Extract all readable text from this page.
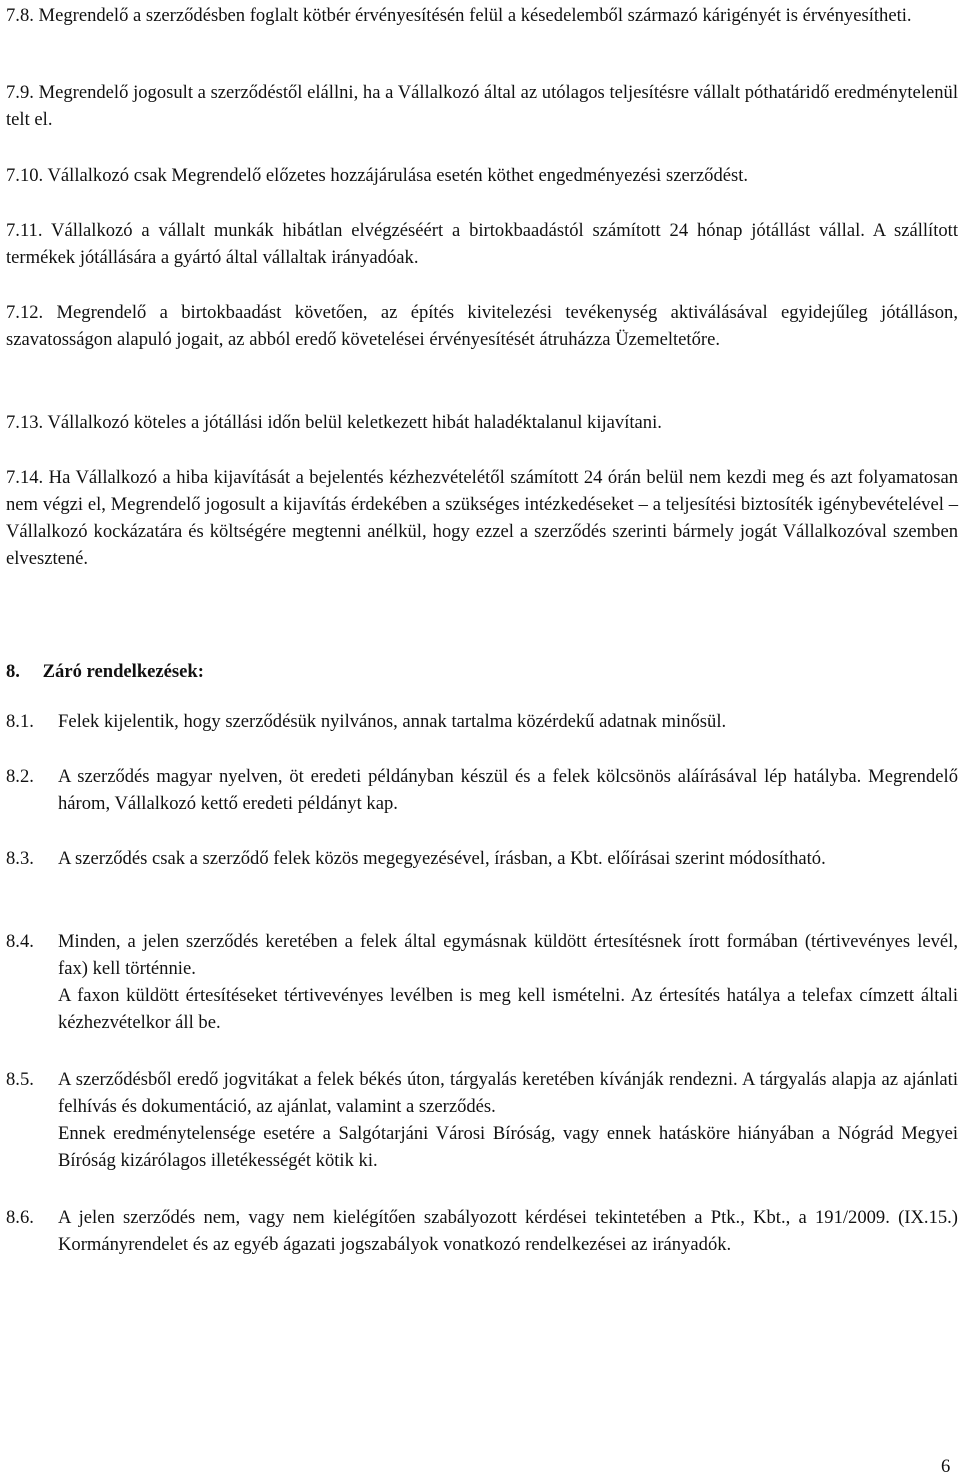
7.8. Megrendelő a szerződésben foglalt kötbér érvényesítésén felül a késedelemből származó kárigényét is érvényesítheti.

7.9. Megrendelő jogosult a szerződéstől elállni, ha a Vállalkozó által az utólagos teljesítésre vállalt póthatáridő eredménytelenül telt el.

7.10. Vállalkozó csak Megrendelő előzetes hozzájárulása esetén köthet engedményezési szerződést.

7.11. Vállalkozó a vállalt munkák hibátlan elvégzéséért a birtokbaadástól számított 24 hónap jótállást vállal. A szállított termékek jótállására a gyártó által vállaltak irányadóak.

7.12. Megrendelő a birtokbaadást követően, az építés kivitelezési tevékenység aktiválásával egyidejűleg jótálláson, szavatosságon alapuló jogait, az abból eredő követelései érvényesítését átruházza Üzemeltetőre.

7.13. Vállalkozó köteles a jótállási időn belül keletkezett hibát haladéktalanul kijavítani.

7.14. Ha Vállalkozó a hiba kijavítását a bejelentés kézhezvételétől számított 24 órán belül nem kezdi meg és azt folyamatosan nem végzi el, Megrendelő jogosult a kijavítás érdekében a szükséges intézkedéseket – a teljesítési biztosíték igénybevételével – Vállalkozó kockázatára és költségére megtenni anélkül, hogy ezzel a szerződés szerinti bármely jogát Vállalkozóval szemben elvesztené.

8. Záró rendelkezések:

8.1.	Felek kijelentik, hogy szerződésük nyilvános, annak tartalma közérdekű adatnak minősül.

8.2.	A szerződés magyar nyelven, öt eredeti példányban készül és a felek kölcsönös aláírásával lép hatályba. Megrendelő három, Vállalkozó kettő eredeti példányt kap.

8.3.	A szerződés csak a szerződő felek közös megegyezésével, írásban, a Kbt. előírásai szerint módosítható.

8.4.	Minden, a jelen szerződés keretében a felek által egymásnak küldött értesítésnek írott formában (tértivevényes levél, fax) kell történnie.

A faxon küldött értesítéseket tértivevényes levélben is meg kell ismételni. Az értesítés hatálya a telefax címzett általi kézhezvételkor áll be.

8.5.	A szerződésből eredő jogvitákat a felek békés úton, tárgyalás keretében kívánják rendezni. A tárgyalás alapja az ajánlati felhívás és dokumentáció, az ajánlat, valamint a szerződés.

Ennek eredménytelensége esetére a Salgótarjáni Városi Bíróság, vagy ennek hatásköre hiányában a Nógrád Megyei Bíróság kizárólagos illetékességét kötik ki.

8.6.	A jelen szerződés nem, vagy nem kielégítően szabályozott kérdései tekintetében a Ptk., Kbt., a 191/2009. (IX.15.) Kormányrendelet és az egyéb ágazati jogszabályok vonatkozó rendelkezései az irányadók.

6
